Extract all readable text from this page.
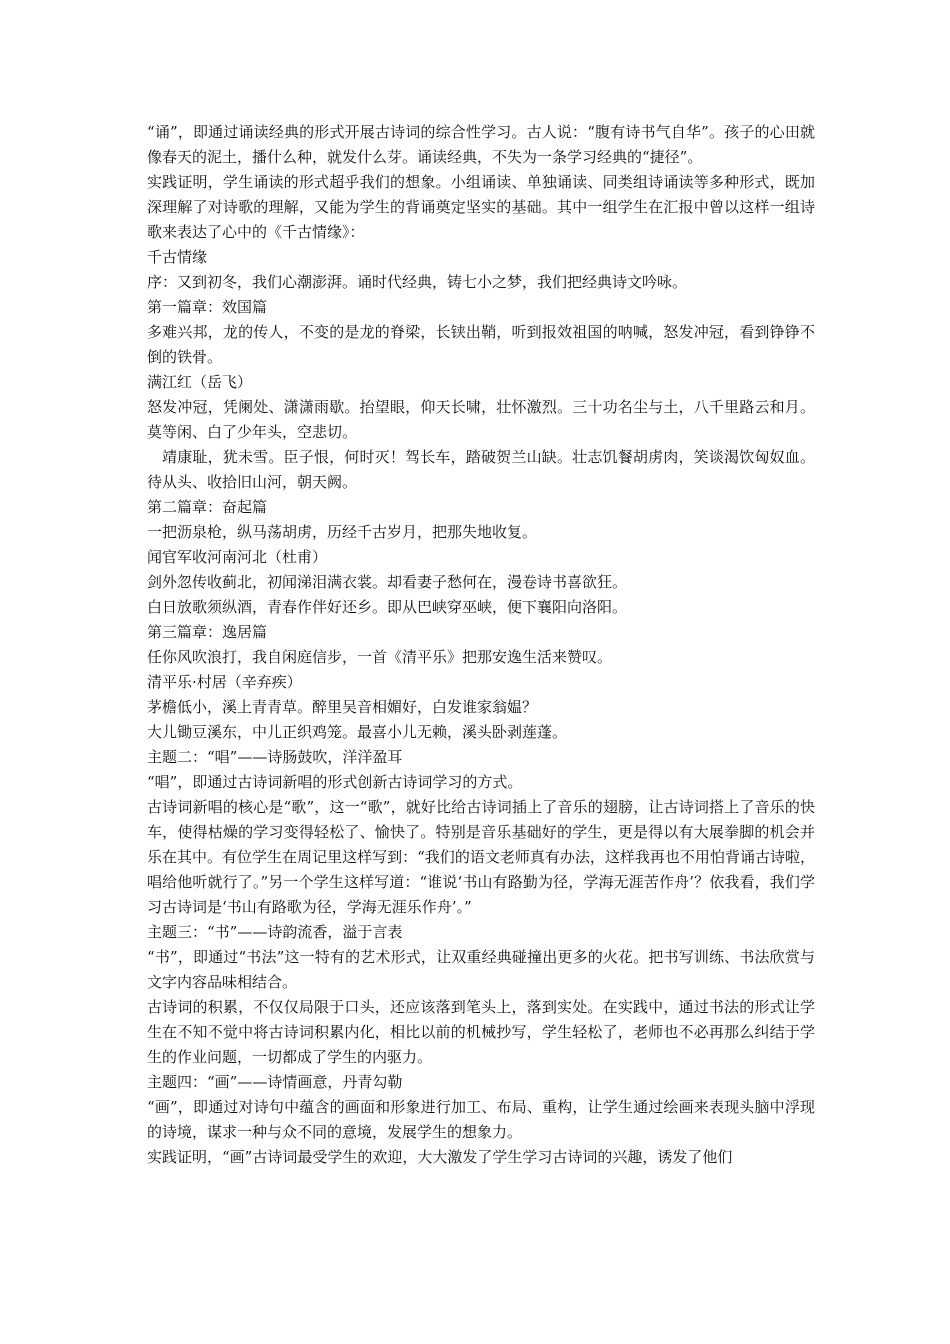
“诵”，即通过诵读经典的形式开展古诗词的综合性学习。古人说：“腹有诗书气自华”。孩子的心田就像春天的泥土，播什么种，就发什么芽。诵读经典，不失为一条学习经典的“捷径”。

实践证明，学生诵读的形式超乎我们的想象。小组诵读、单独诵读、同类组诗诵读等多种形式，既加深理解了对诗歌的理解，又能为学生的背诵奠定坚实的基础。其中一组学生在汇报中曾以这样一组诗歌来表达了心中的《千古情缘》：

千古情缘

序：又到初冬，我们心潮澎湃。诵时代经典，铸七小之梦，我们把经典诗文吟咏。

第一篇章：效国篇

多难兴邦，龙的传人，不变的是龙的脊梁，长铗出鞘，听到报效祖国的呐喊，怒发冲冠，看到铮铮不倒的铁骨。

满江红（岳飞）

怒发冲冠，凭阑处、潇潇雨歇。抬望眼，仰天长啸，壮怀激烈。三十功名尘与土，八千里路云和月。莫等闲、白了少年头，空悲切。

靖康耻，犹未雪。臣子恨，何时灭！驾长车，踏破贺兰山缺。壮志饥餐胡虏肉，笑谈渴饮匈奴血。待从头、收拾旧山河，朝天阙。

第二篇章：奋起篇

一把沥泉枪，纵马荡胡虏，历经千古岁月，把那失地收复。

闻官军收河南河北（杜甫）

剑外忽传收蓟北，初闻涕泪满衣裳。却看妻子愁何在，漫卷诗书喜欲狂。

白日放歌须纵酒，青春作伴好还乡。即从巴峡穿巫峡，便下襄阳向洛阳。

第三篇章：逸居篇

任你风吹浪打，我自闲庭信步，一首《清平乐》把那安逸生活来赞叹。

清平乐·村居（辛弃疾）

茅檐低小，溪上青青草。醉里吴音相媚好，白发谁家翁媪？

大儿锄豆溪东，中儿正织鸡笼。最喜小儿无赖，溪头卧剥莲蓬。

主题二：“唱”——诗肠鼓吹，洋洋盈耳

“唱”，即通过古诗词新唱的形式创新古诗词学习的方式。

古诗词新唱的核心是“歌”，这一“歌”，就好比给古诗词插上了音乐的翅膀，让古诗词搭上了音乐的快车，使得枯燥的学习变得轻松了、愉快了。特别是音乐基础好的学生，更是得以有大展拳脚的机会并乐在其中。有位学生在周记里这样写到：“我们的语文老师真有办法，这样我再也不用怕背诵古诗啦，唱给他听就行了。”另一个学生这样写道：“谁说‘书山有路勤为径，学海无涯苦作舟’？依我看，我们学习古诗词是‘书山有路歌为径，学海无涯乐作舟’。”

主题三：“书”——诗韵流香，溢于言表

“书”，即通过“书法”这一特有的艺术形式，让双重经典碰撞出更多的火花。把书写训练、书法欣赏与文字内容品味相结合。

古诗词的积累，不仅仅局限于口头，还应该落到笔头上，落到实处。在实践中，通过书法的形式让学生在不知不觉中将古诗词积累内化，相比以前的机械抄写，学生轻松了，老师也不必再那么纠结于学生的作业问题，一切都成了学生的内驱力。

主题四：“画”——诗情画意，丹青勾勒

“画”，即通过对诗句中蕴含的画面和形象进行加工、布局、重构，让学生通过绘画来表现头脑中浮现的诗境，谋求一种与众不同的意境，发展学生的想象力。

实践证明，“画”古诗词最受学生的欢迎，大大激发了学生学习古诗词的兴趣，诱发了他们
